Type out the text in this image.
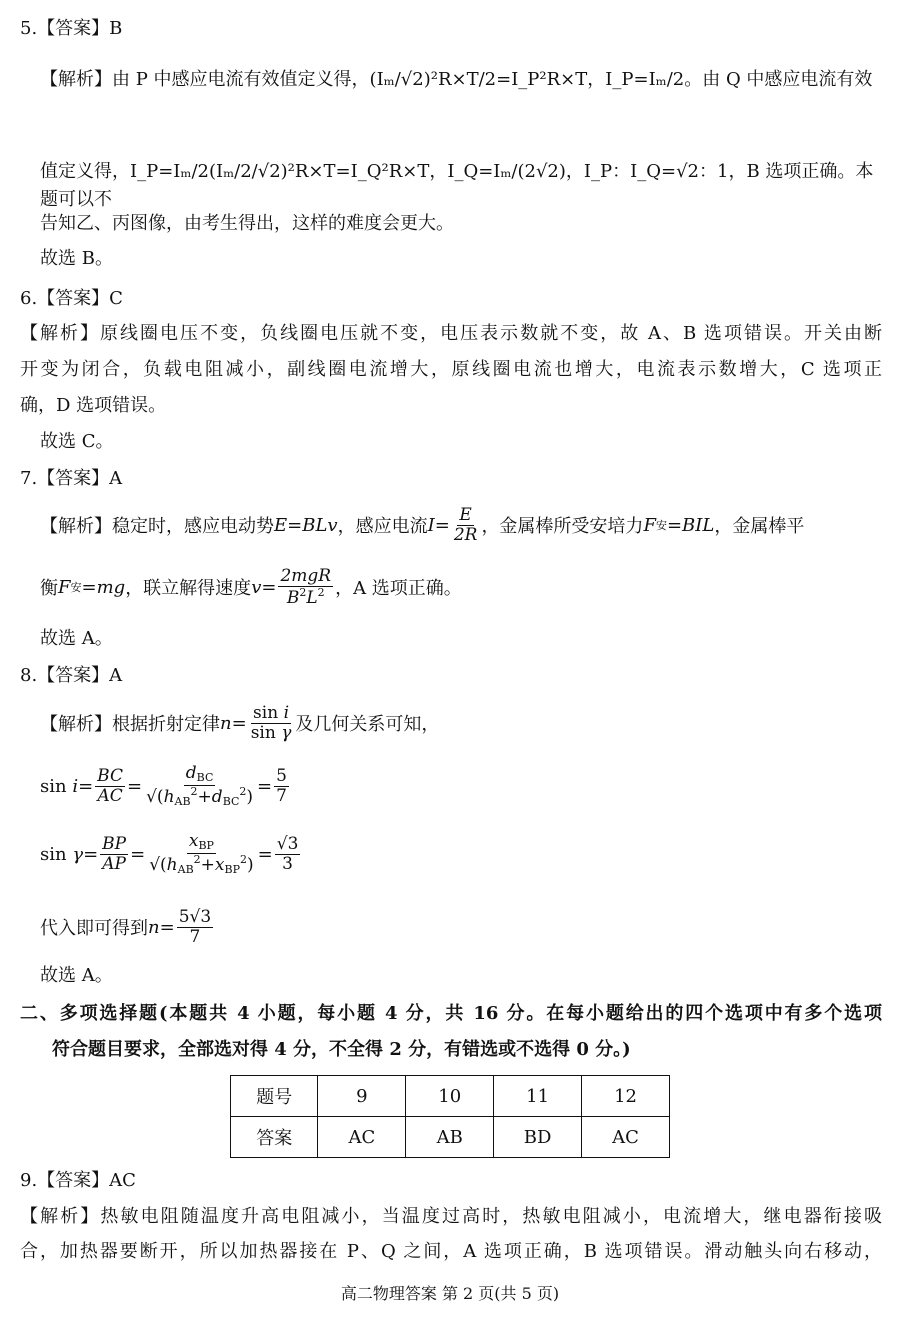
5.【答案】B

【解析】由 P 中感应电流有效值定义得，(Iₘ/√2)²R×T/2=I_P²R×T，I_P=Iₘ/2。由 Q 中感应电流有效

值定义得，I_P=Iₘ/2(Iₘ/2/√2)²R×T=I_Q²R×T，I_Q=Iₘ/(2√2)，I_P：I_Q=√2：1，B 选项正确。本题可以不

告知乙、丙图像，由考生得出，这样的难度会更大。

故选 B。

6.【答案】C

【解析】原线圈电压不变，负线圈电压就不变，电压表示数就不变，故 A、B 选项错误。开关由断

开变为闭合，负载电阻减小，副线圈电流增大，原线圈电流也增大，电流表示数增大，C 选项正

确，D 选项错误。

故选 C。

7.【答案】A

【解析】稳定时，感应电动势 E = BLv ，感应电流 $I = \frac{E}{2R}$ ，金属棒所受安培力 F 安 = BIL ，金属棒平
衡 F 安 = mg ，联立解得速度 $v = \frac{\text{2mgR}}{B^2L^2}$ ，A 选项正确。

故选 A。

8.【答案】A

【解析】根据折射定律 $n = \frac{\text{sin i}}{\text{sin γ}}$ 及几何关系可知，
$\sin i= \frac{BC}{AC} = \frac{d_{BC}}{√(h_{AB}^2+d_{BC}^2)} = \frac{5}{7}$
$\sin \gamma= \frac{BP}{AP} = \frac{x_{BP}}{√(h_{AB}^2+x_{BP}^2)} = \frac{√3}{3}$
代入即可得到 $n = \frac{5√3}{7}$

故选 A。

二、多项选择题(本题共 4 小题，每小题 4 分，共 16 分。在每小题给出的四个选项中有多个选项

符合题目要求，全部选对得 4 分，不全得 2 分，有错选或不选得 0 分。)

题号	9	10	11	12
答案	AC	AB	BD	AC

9.【答案】AC

【解析】热敏电阻随温度升高电阻减小，当温度过高时，热敏电阻减小，电流增大，继电器衔接吸

合，加热器要断开，所以加热器接在 P、Q 之间，A 选项正确，B 选项错误。滑动触头向右移动，

高二物理答案 第 2 页(共 5 页)
